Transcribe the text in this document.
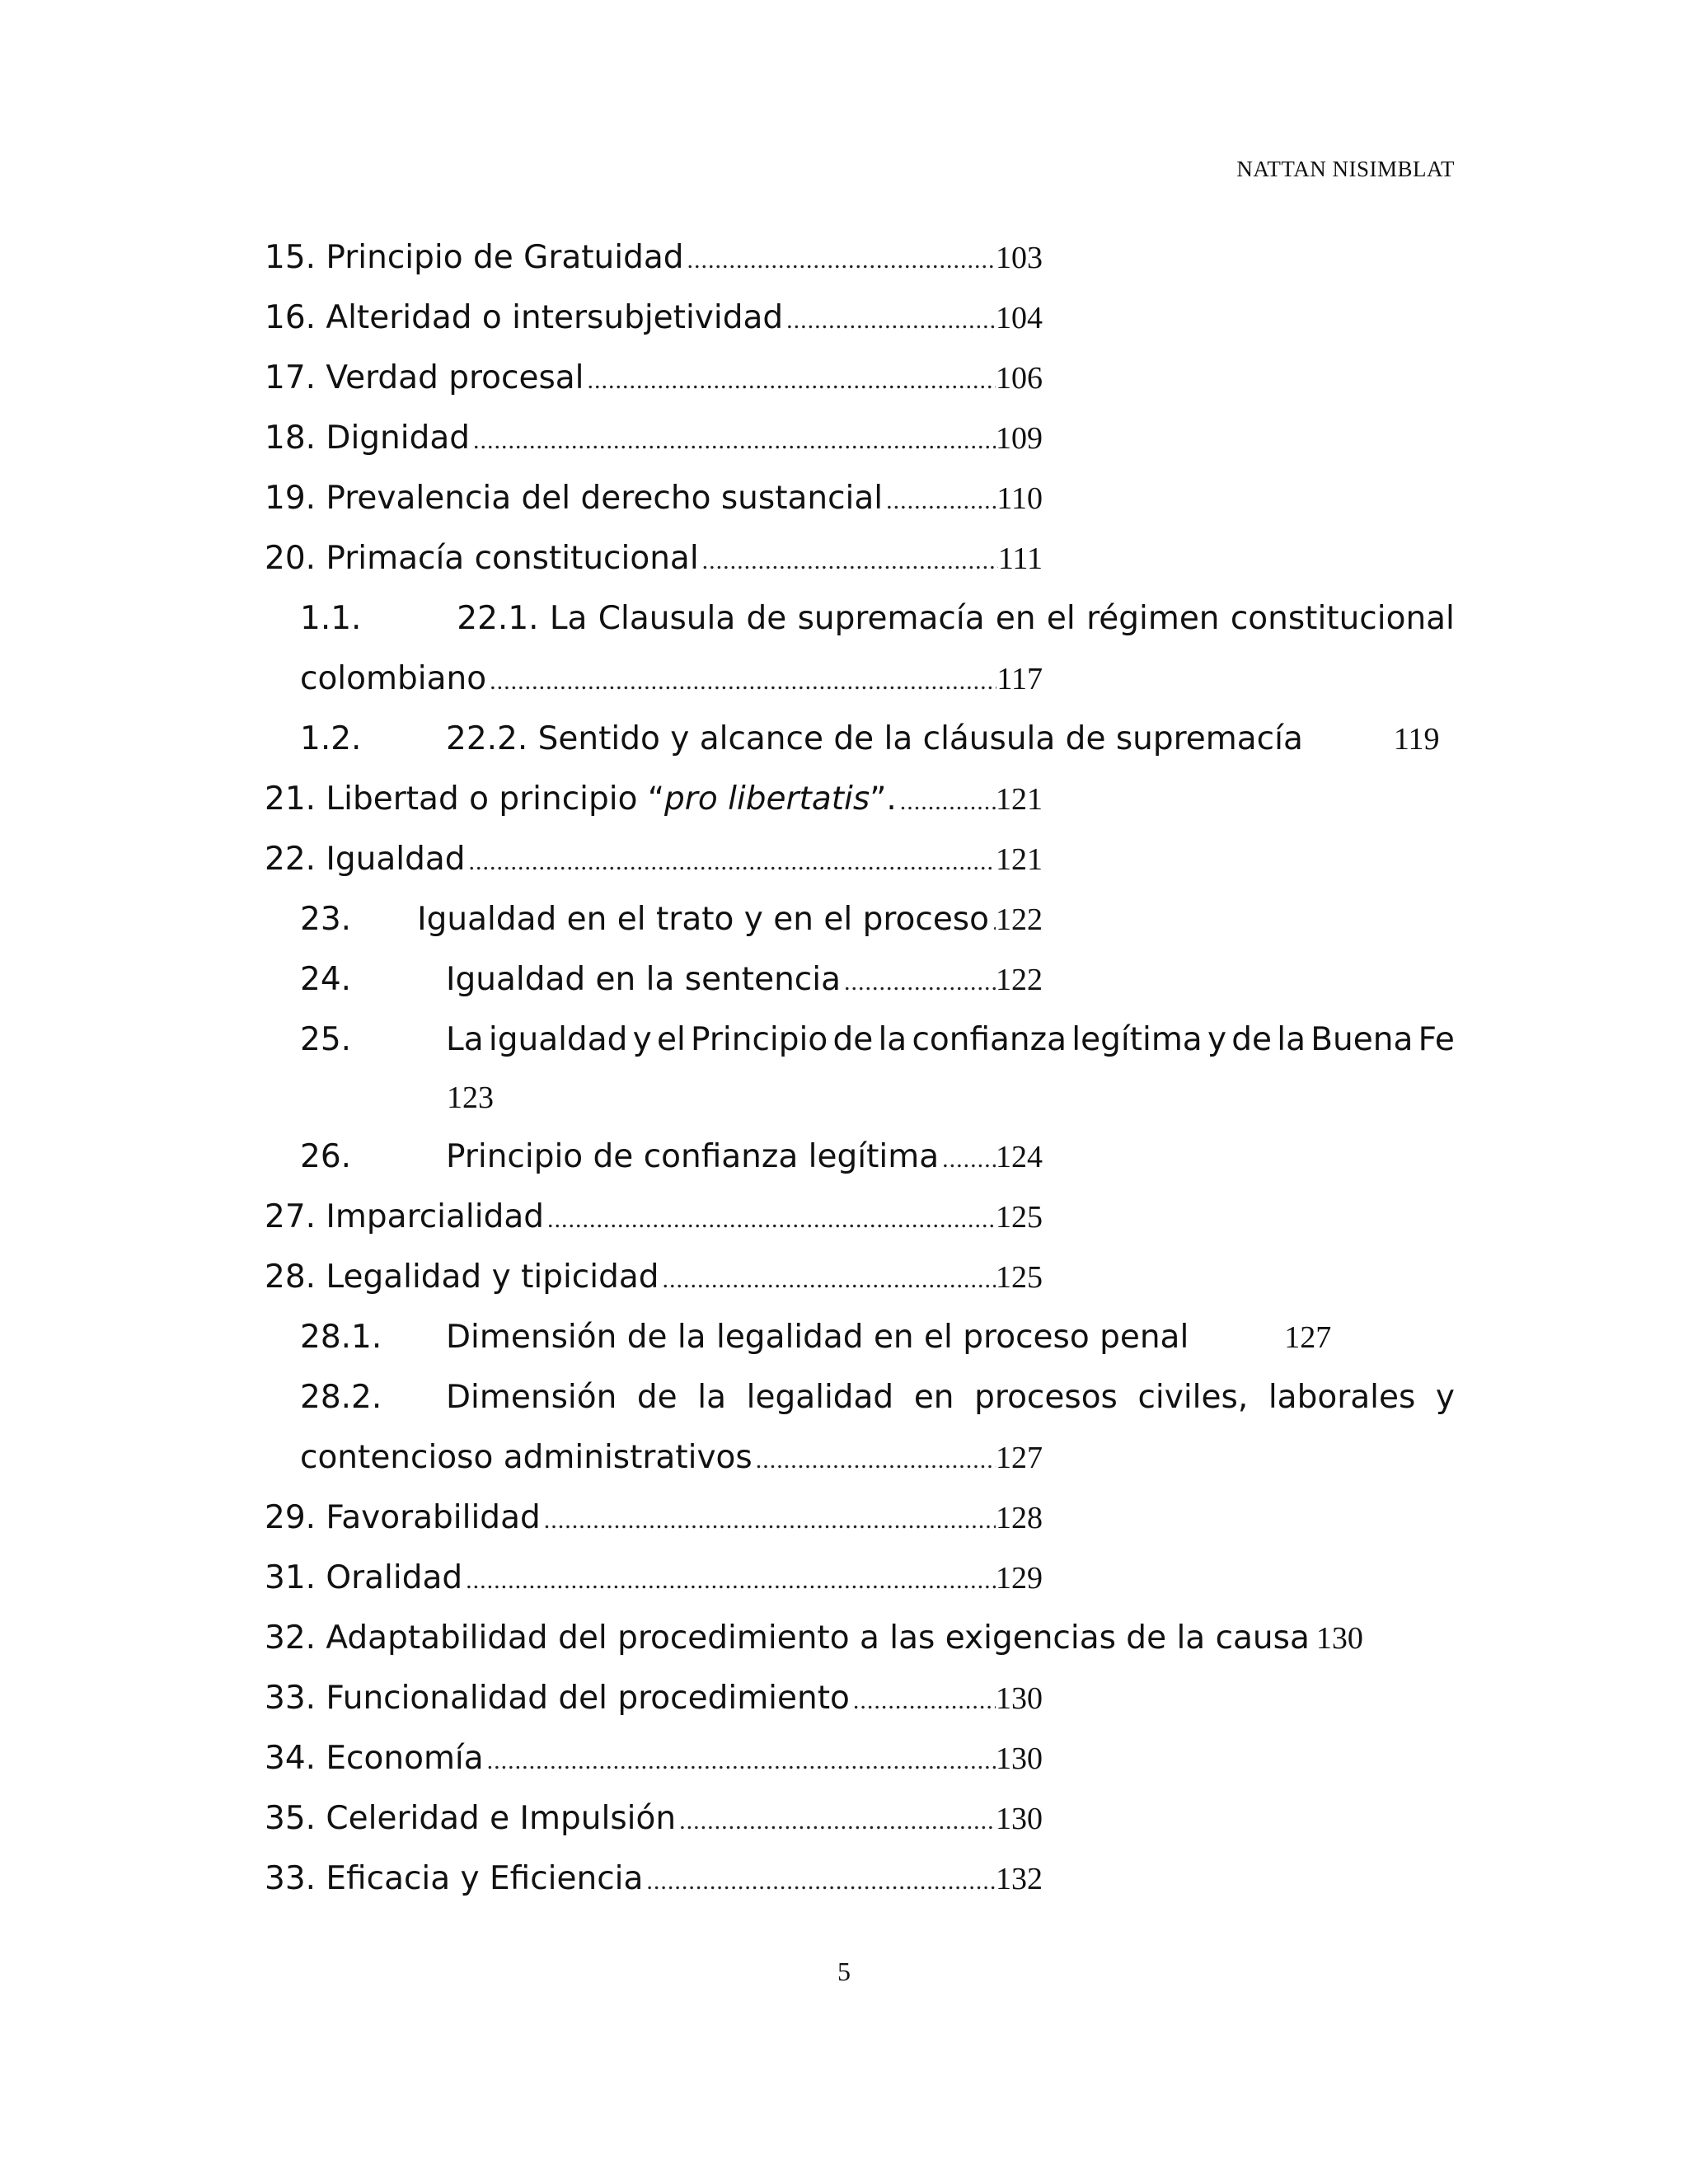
NATTAN NISIMBLAT
15. Principio de Gratuidad .....	103
16. Alteridad o intersubjetividad .....	104
17. Verdad procesal .....	106
18. Dignidad .....	109
19. Prevalencia del derecho sustancial .....	110
20. Primacía constitucional .....	111
1.1.	22.1. La Clausula de supremacía en el régimen constitucional
colombiano .....	117
1.2.	22.2. Sentido y alcance de la cláusula de supremacía	119
21. Libertad o principio “pro libertatis”. .....	121
22. Igualdad .....	121
23.	Igualdad en el trato y en el proceso ..... 122
24.	Igualdad en la sentencia .....	122
25.	La igualdad y el Principio de la confianza legítima y de la Buena Fe
123
26.	Principio de confianza legítima ..... 124
27. Imparcialidad .....	125
28. Legalidad y tipicidad .....	125
28.1.	Dimensión de la legalidad en el proceso penal	127
28.2.	Dimensión de la legalidad en procesos civiles, laborales y
contencioso administrativos .....	127
29. Favorabilidad .....	128
31. Oralidad .....	129
32. Adaptabilidad del procedimiento a las exigencias de la causa 130
33. Funcionalidad del procedimiento .....	130
34. Economía .....	130
35. Celeridad e Impulsión .....	130
33. Eficacia y Eficiencia .....	132
5
